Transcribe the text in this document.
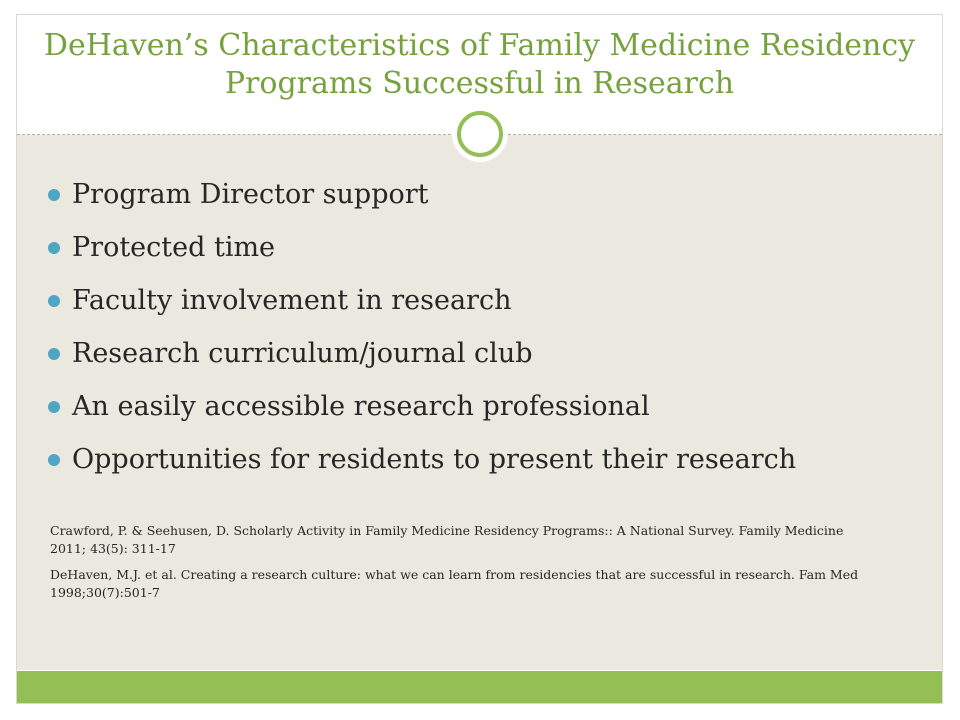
DeHaven’s Characteristics of Family Medicine Residency Programs Successful in Research
Program Director support
Protected time
Faculty involvement in research
Research curriculum/journal club
An easily accessible research professional
Opportunities for residents to present their research

Crawford, P. & Seehusen, D. Scholarly Activity in Family Medicine Residency Programs:: A National Survey. Family Medicine 2011; 43(5): 311-17

DeHaven, M.J. et al. Creating a research culture: what we can learn from residencies that are successful in research. Fam Med 1998;30(7):501-7
